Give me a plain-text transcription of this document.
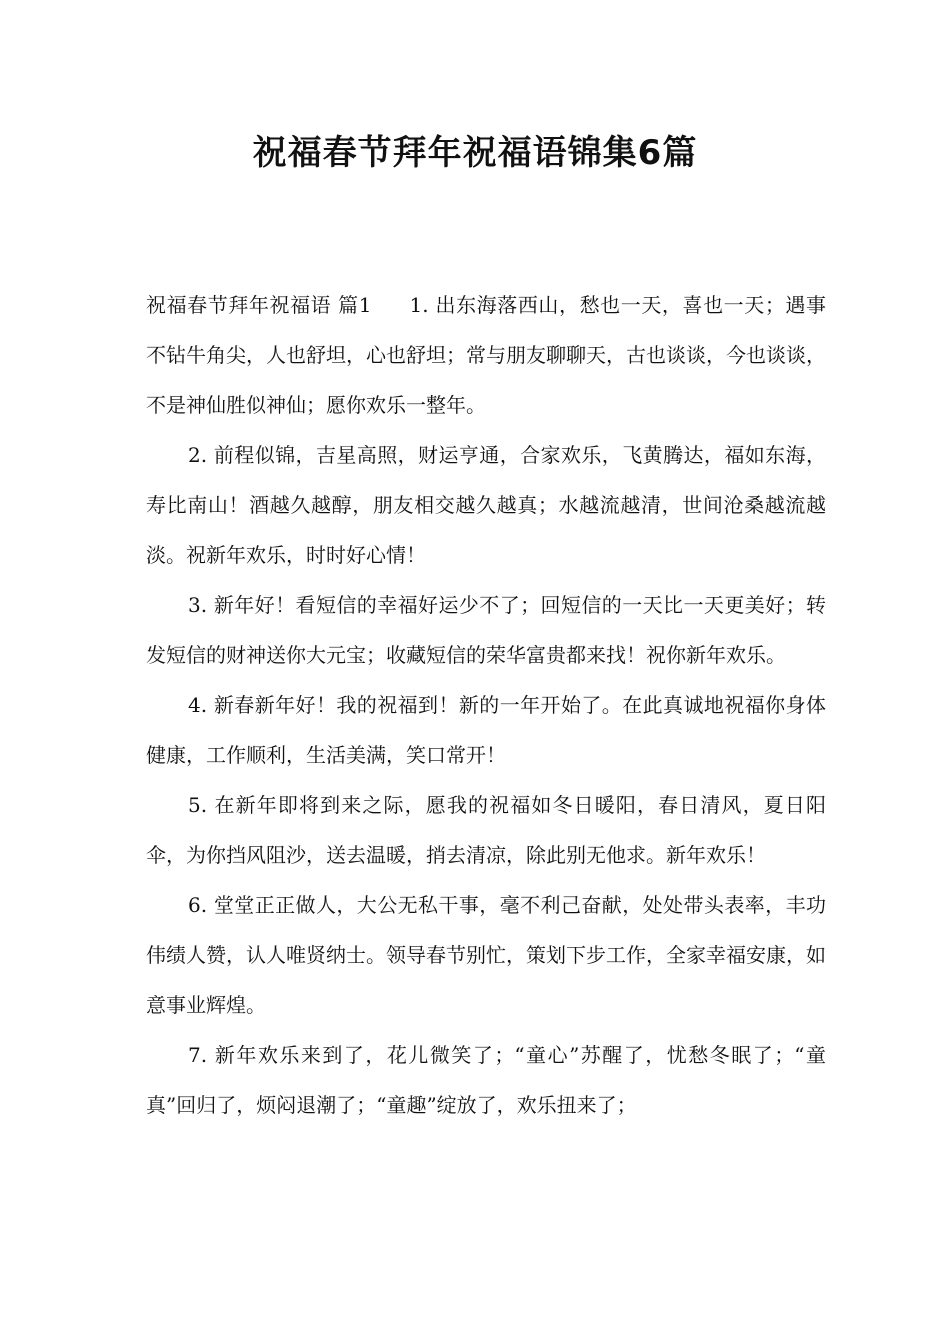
祝福春节拜年祝福语锦集6篇

祝福春节拜年祝福语 篇1 1. 出东海落西山，愁也一天，喜也一天；遇事不钻牛角尖，人也舒坦，心也舒坦；常与朋友聊聊天，古也谈谈，今也谈谈，不是神仙胜似神仙；愿你欢乐一整年。

2. 前程似锦，吉星高照，财运亨通，合家欢乐，飞黄腾达，福如东海，寿比南山！酒越久越醇，朋友相交越久越真；水越流越清，世间沧桑越流越淡。祝新年欢乐，时时好心情！

3. 新年好！看短信的幸福好运少不了；回短信的一天比一天更美好；转发短信的财神送你大元宝；收藏短信的荣华富贵都来找！祝你新年欢乐。

4. 新春新年好！我的祝福到！新的一年开始了。在此真诚地祝福你身体健康，工作顺利，生活美满，笑口常开！

5. 在新年即将到来之际，愿我的祝福如冬日暖阳，春日清风，夏日阳伞，为你挡风阻沙，送去温暖，捎去清凉，除此别无他求。新年欢乐！

6. 堂堂正正做人，大公无私干事，毫不利己奋献，处处带头表率，丰功伟绩人赞，认人唯贤纳士。领导春节别忙，策划下步工作，全家幸福安康，如意事业辉煌。

7. 新年欢乐来到了，花儿微笑了；“童心”苏醒了，忧愁冬眠了；“童真”回归了，烦闷退潮了；“童趣”绽放了，欢乐扭来了；
